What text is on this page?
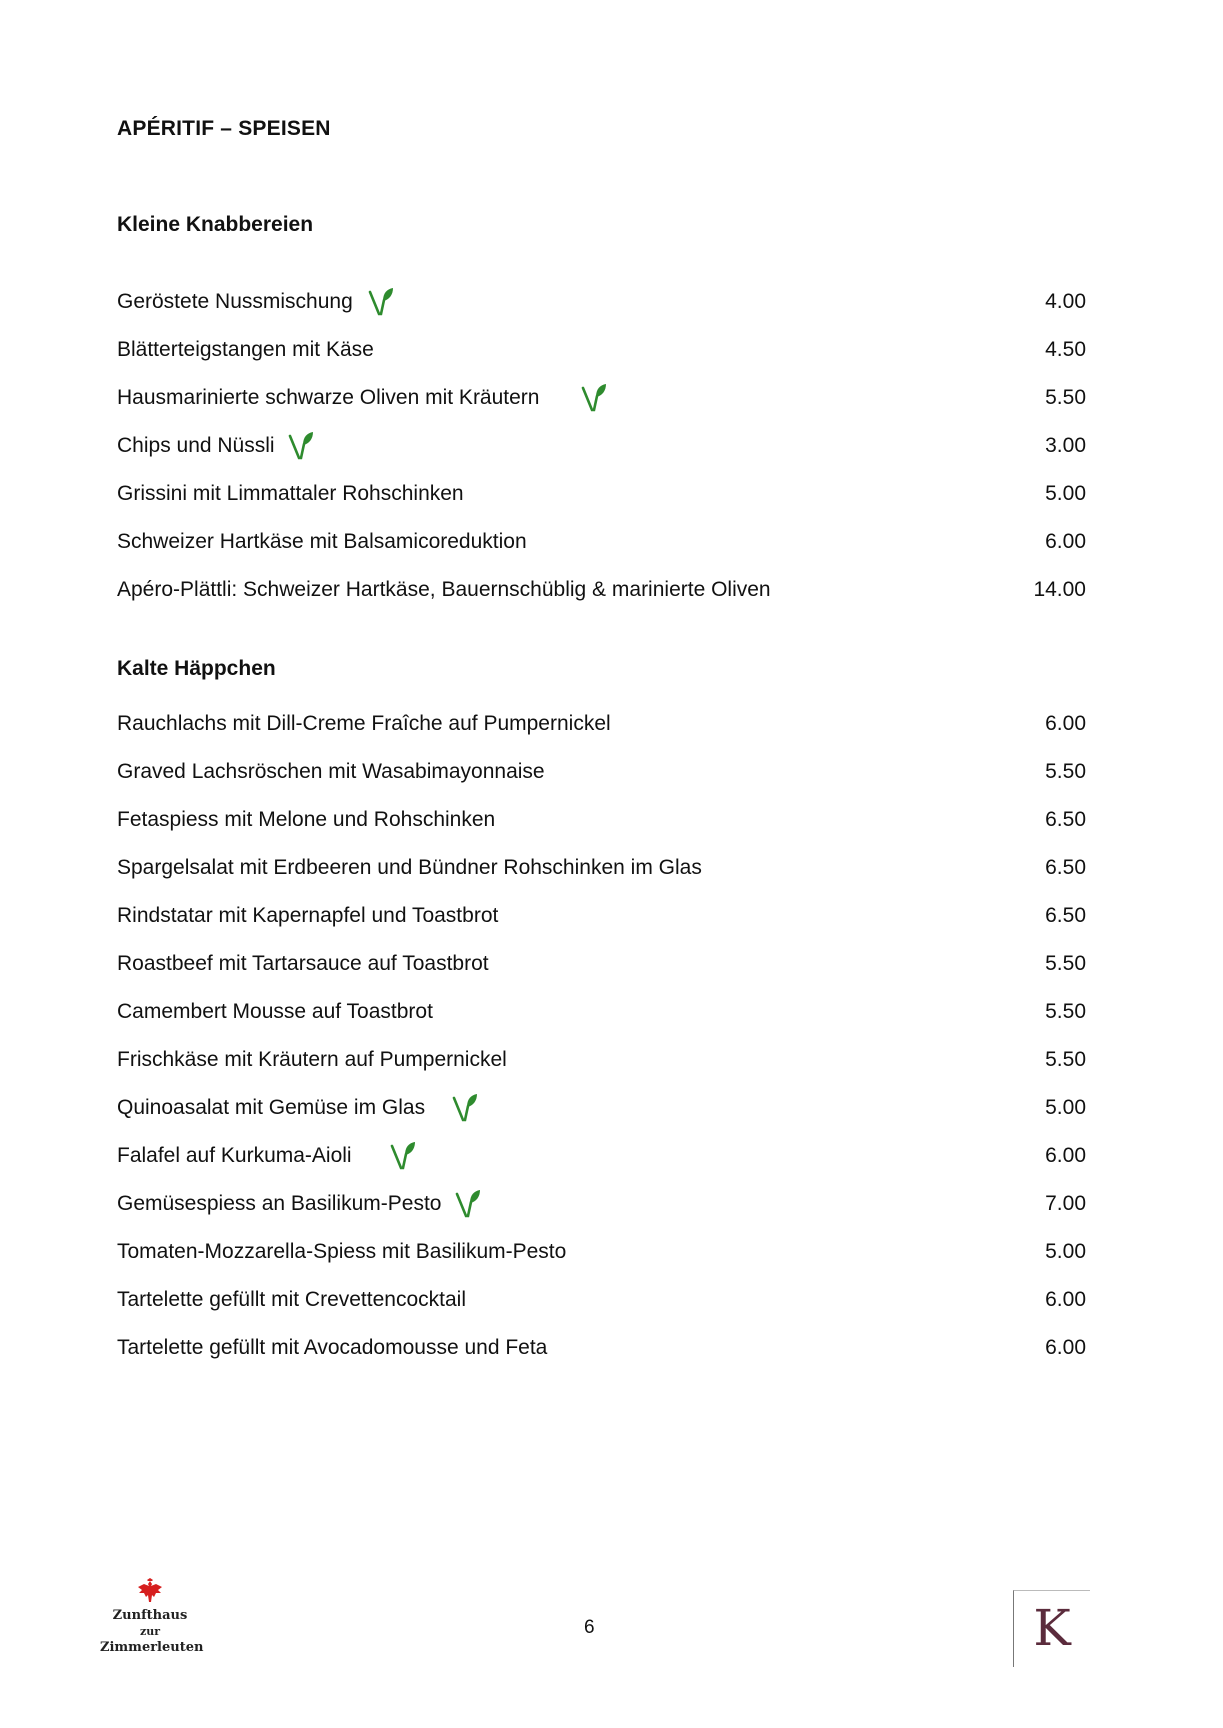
APÉRITIF – SPEISEN
Kleine Knabbereien
Geröstete Nussmischung	4.00
Blätterteigstangen mit Käse	4.50
Hausmarinierte schwarze Oliven mit Kräutern	5.50
Chips und Nüssli	3.00
Grissini mit Limmattaler Rohschinken	5.00
Schweizer Hartkäse mit Balsamicoreduktion	6.00
Apéro-Plättli: Schweizer Hartkäse, Bauernschüblig & marinierte Oliven	14.00
Kalte Häppchen
Rauchlachs mit Dill-Creme Fraîche auf Pumpernickel	6.00
Graved Lachsröschen mit Wasabimayonnaise	5.50
Fetaspiess mit Melone und Rohschinken	6.50
Spargelsalat mit Erdbeeren und Bündner Rohschinken im Glas	6.50
Rindstatar mit Kapernapfel und Toastbrot	6.50
Roastbeef mit Tartarsauce auf Toastbrot	5.50
Camembert Mousse auf Toastbrot	5.50
Frischkäse mit Kräutern auf Pumpernickel	5.50
Quinoasalat mit Gemüse im Glas	5.00
Falafel auf Kurkuma-Aioli	6.00
Gemüsespiess an Basilikum-Pesto	7.00
Tomaten-Mozzarella-Spiess mit Basilikum-Pesto	5.00
Tartelette gefüllt mit Crevettencocktail	6.00
Tartelette gefüllt mit Avocadomousse und Feta	6.00
Zunfthaus
zur
Zimmerleuten
6	K
